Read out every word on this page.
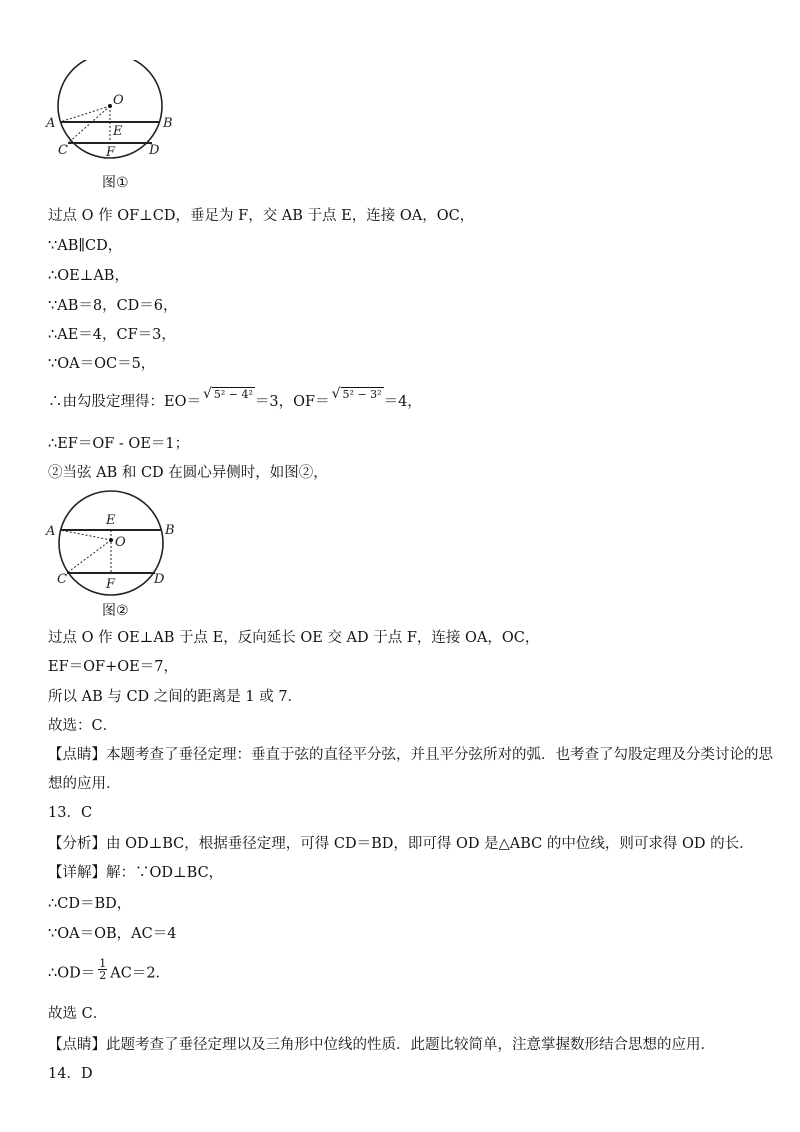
O
A	B
E
C	F	D
图①
过点 O 作 OF⊥CD，垂足为 F，交 AB 于点 E，连接 OA，OC，
∵AB∥CD，
∴OE⊥AB，
∵AB＝8，CD＝6，
∴AE＝4，CF＝3，
∵OA＝OC＝5，
∴由勾股定理得：EO＝ √ 5² − 4² ＝3，OF＝ √ 5² − 3² ＝4，
∴EF＝OF - OE＝1；
②当弦 AB 和 CD 在圆心异侧时，如图②，
E
A	B
O
C	F	D
图②
过点 O 作 OE⊥AB 于点 E，反向延长 OE 交 AD 于点 F，连接 OA，OC，
EF＝OF+OE＝7，
所以 AB 与 CD 之间的距离是 1 或 7．
故选：C．
【点睛】本题考查了垂径定理：垂直于弦的直径平分弦，并且平分弦所对的弧．也考查了勾股定理及分类讨论的思
想的应用．
13．C
【分析】由 OD⊥BC，根据垂径定理，可得 CD＝BD，即可得 OD 是△ABC 的中位线，则可求得 OD 的长．
【详解】解：∵OD⊥BC，
∴CD＝BD，
∵OA＝OB，AC＝4
∴OD＝ $\frac{1}{2} AC=2$．
故选 C．
【点睛】此题考查了垂径定理以及三角形中位线的性质．此题比较简单，注意掌握数形结合思想的应用．
14．D
